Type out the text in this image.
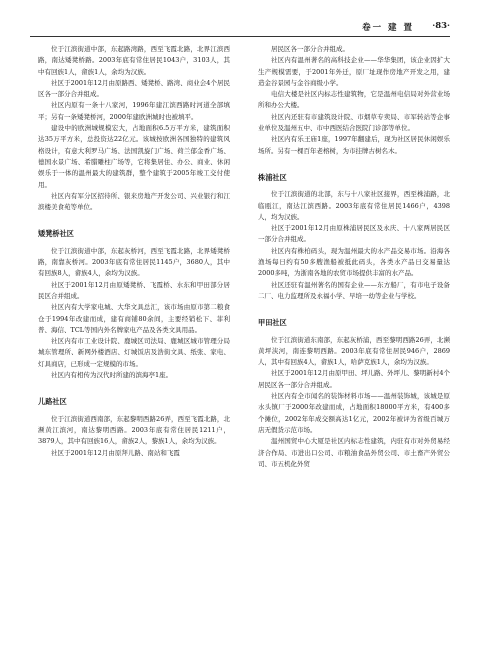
卷一 建 置 ·83·

位于江滨街道中部，东起路湾路，西至飞霞北路，北界江滨西路，南达矮凳桥路。2003年底有常住居民1043户，3103人，其中有回族1人，畲族1人，余均为汉族。

社区于2001年12月由原路西、矮凳桥、路湾、商业会4个居民区各一部分合并组成。

社区内原有一条十八家河，1996年建江滨西路时河道全部填平；另有一条矮凳桥河，2000年建欧洲城时也被填平。

建设中的欧洲城规模宏大，占地面积6.5万平方米，建筑面积达35万平方米，总投资达22亿元。该城按欧洲各国独特的建筑风格设计，有意大利罗马广场、法国凯旋门广场、荷兰郁金香广场、德国水景广场、希腊雕柱广场等，它将集居住、办公、商业、休闲娱乐于一体的温州最大的建筑群，整个建筑于2005年竣工交付使用。

社区内有军分区招待所、银来房地产开发公司、兴业银行和江滨楼美食苑等单位。

矮凳桥社区

位于江滨街道中部，东起灰桥河，西至飞霞北路，北界矮凳桥路，南靠灰桥河。2003年底有常住居民1145户，3680人，其中有回族8人，畲族4人，余均为汉族。

社区于2001年12月由原矮凳桥、飞霞桥、水东和甲田部分居民区合并组成。

社区内有大学家电城、大华文具总汇，该市场由原市第二粮食仓于1994年改建而成，建有商铺80余间，主要经销松下、菲利普、海信、TCL等国内外名牌家电产品及各类文具用品。

社区内有市工业设计院、鹿城区司法局、鹿城区城市管理分局城东管理所、新网外楼酒店、灯城饭店及浩街文具、纸张、家电、灯具商店，已形成一定规模的市场。

社区内有相传为汉代时所建的滨海亭1座。

儿路社区

位于江滨街道西南部，东起黎明西路26弄，西至飞霞北路，北濒黄江滨河，南达黎明西路。2003年底有常住居民1211户，3879人，其中有回族16人，畲族2人，黎族1人，余均为汉族。

社区于2001年12月由原拜儿路、南站和飞霞

居民区各一部分合并组成。

社区内有温州著名的高科技企业——华华集团，该企业因扩大生产规模需要，于2001年外迁，原厂址现作房地产开发之用，建造金谷景园与金谷商级小学。

电信大楼是社区内标志性建筑物，它是温州电信局对外营业场所和办公大楼。

社区内还驻有市建筑设计院、市烟草专卖局、市军转站等企事业单位及温州五中、市中西医结合医院门诊部等单位。

社区内有乐王庙1座，1997年翻建后，现为社区居民休闲娱乐场所。另有一棵百年老榕树，为市挂牌古树名木。

株浦社区

位于江滨街道的北部，东与十八家社区接界，西至株浦路，北临瓯江，南达江滨西路。2003年底有常住居民1466户，4398人，均为汉族。

社区于2001年12月由原株浦居民区及永庆、十八家两居民区一部分合并组成。

社区内有株柏码头，现为温州最大的水产品交易市场。沿海各渔场每日约有50多艘渔船被抵此码头，各类水产品日交易量达2000多吨，为浙南各地的农贸市场提供丰富的水产品。

社区还驻有温州著名的国有企业——东方船厂，有市电子设备二厂、电力监理所及永福小学、早培一幼等企业与学校。

甲田社区

位于江滨街道东南部，东起灰桥浦，西至黎明西路26弄，北濒黄坪浃河，南连黎明西路。2003年底有常住居民946户，2869人，其中有回族4人，畲族1人，哈萨克族1人，余均为汉族。

社区于2001年12月由原甲田、坪儿路、外坪儿、黎明新村4个居民区各一部分合并组成。

社区内有全市闻名的装饰材料市场——温州装饰城，该城是原水头镇厂于2000年改建而成，占地面积18000平方米，有400多个摊位，2002年年成交额高达1亿元，2002年被评为省级百城万店无假货示范市场。

温州国贸中心大厦是社区内标志性建筑，内驻有市对外贸易经济合作局、市进出口公司、市粮油食品外贸公司、市土畜产外贸公司、市五机化外贸
